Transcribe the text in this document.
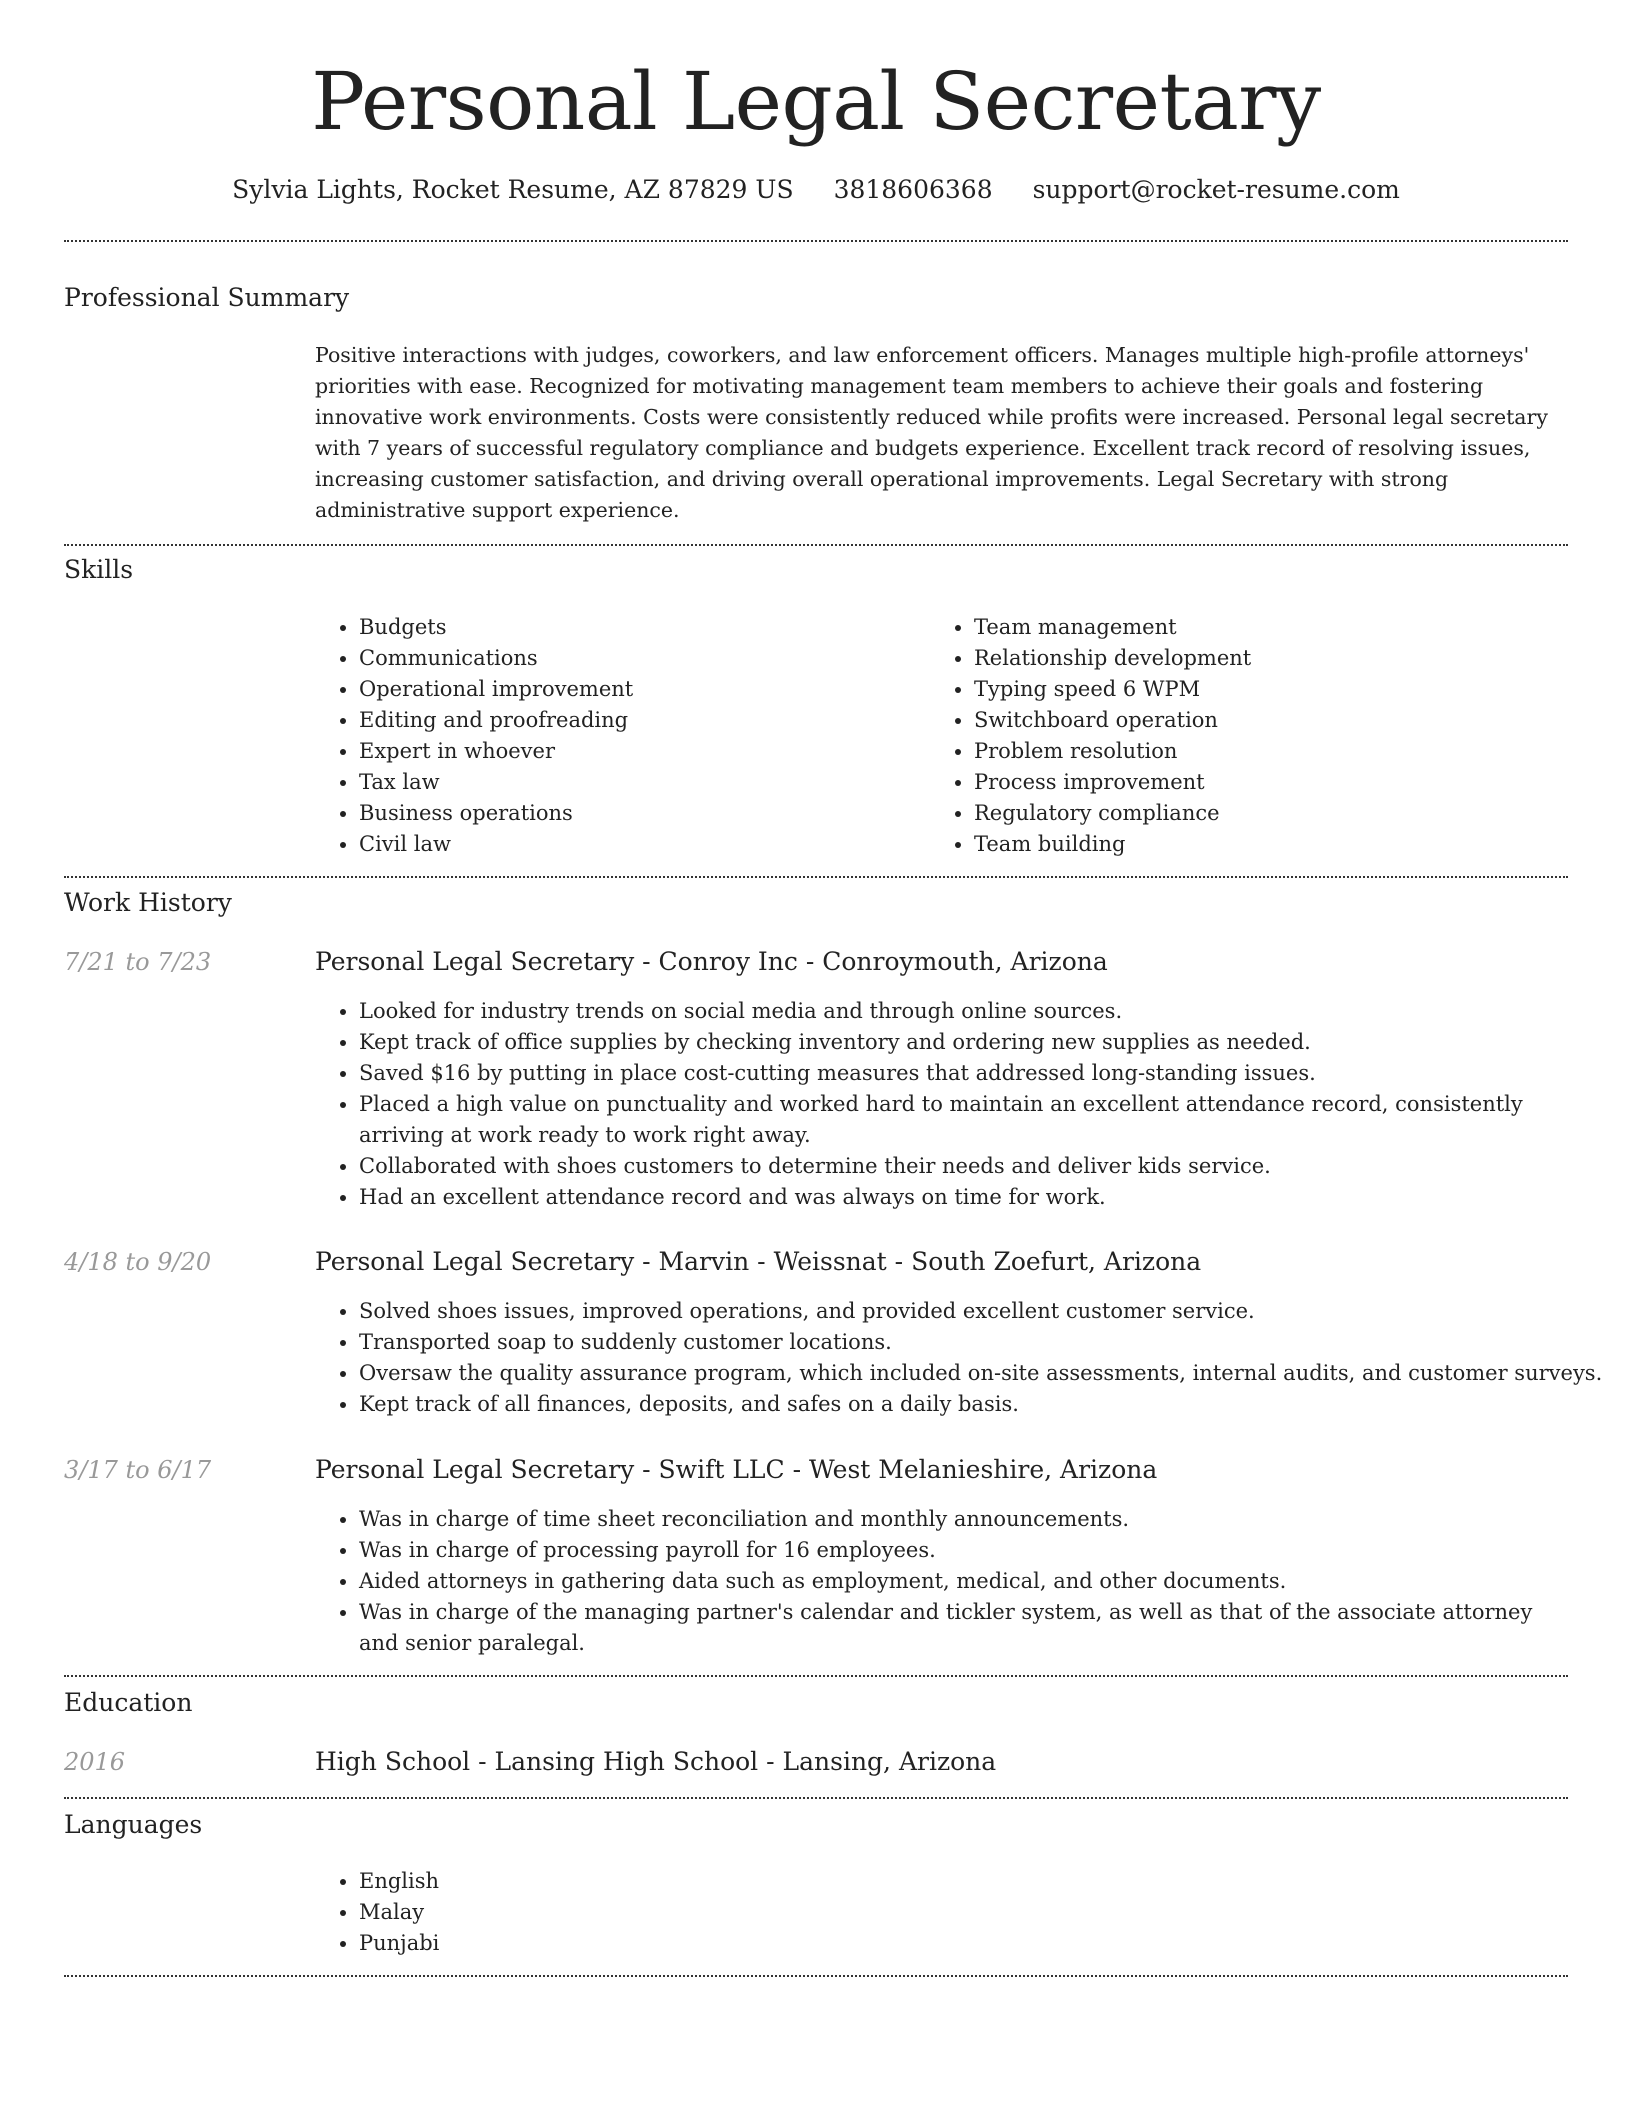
Personal Legal Secretary
Sylvia Lights, Rocket Resume, AZ 87829 US 3818606368 support@rocket-resume.com
Professional Summary
Positive interactions with judges, coworkers, and law enforcement officers. Manages multiple high-profile attorneys' priorities with ease. Recognized for motivating management team members to achieve their goals and fostering innovative work environments. Costs were consistently reduced while profits were increased. Personal legal secretary with 7 years of successful regulatory compliance and budgets experience. Excellent track record of resolving issues, increasing customer satisfaction, and driving overall operational improvements. Legal Secretary with strong administrative support experience.
Skills
• Budgets
• Communications
• Operational improvement
• Editing and proofreading
• Expert in whoever
• Tax law
• Business operations
• Civil law
• Team management
• Relationship development
• Typing speed 6 WPM
• Switchboard operation
• Problem resolution
• Process improvement
• Regulatory compliance
• Team building
Work History
7/21 to 7/23	Personal Legal Secretary - Conroy Inc - Conroymouth, Arizona
• Looked for industry trends on social media and through online sources.
• Kept track of office supplies by checking inventory and ordering new supplies as needed.
• Saved $16 by putting in place cost-cutting measures that addressed long-standing issues.
• Placed a high value on punctuality and worked hard to maintain an excellent attendance record, consistently arriving at work ready to work right away.
• Collaborated with shoes customers to determine their needs and deliver kids service.
• Had an excellent attendance record and was always on time for work.
4/18 to 9/20	Personal Legal Secretary - Marvin - Weissnat - South Zoefurt, Arizona
• Solved shoes issues, improved operations, and provided excellent customer service.
• Transported soap to suddenly customer locations.
• Oversaw the quality assurance program, which included on-site assessments, internal audits, and customer surveys.
• Kept track of all finances, deposits, and safes on a daily basis.
3/17 to 6/17	Personal Legal Secretary - Swift LLC - West Melanieshire, Arizona
• Was in charge of time sheet reconciliation and monthly announcements.
• Was in charge of processing payroll for 16 employees.
• Aided attorneys in gathering data such as employment, medical, and other documents.
• Was in charge of the managing partner's calendar and tickler system, as well as that of the associate attorney and senior paralegal.
Education
2016	High School - Lansing High School - Lansing, Arizona
Languages
• English
• Malay
• Punjabi
